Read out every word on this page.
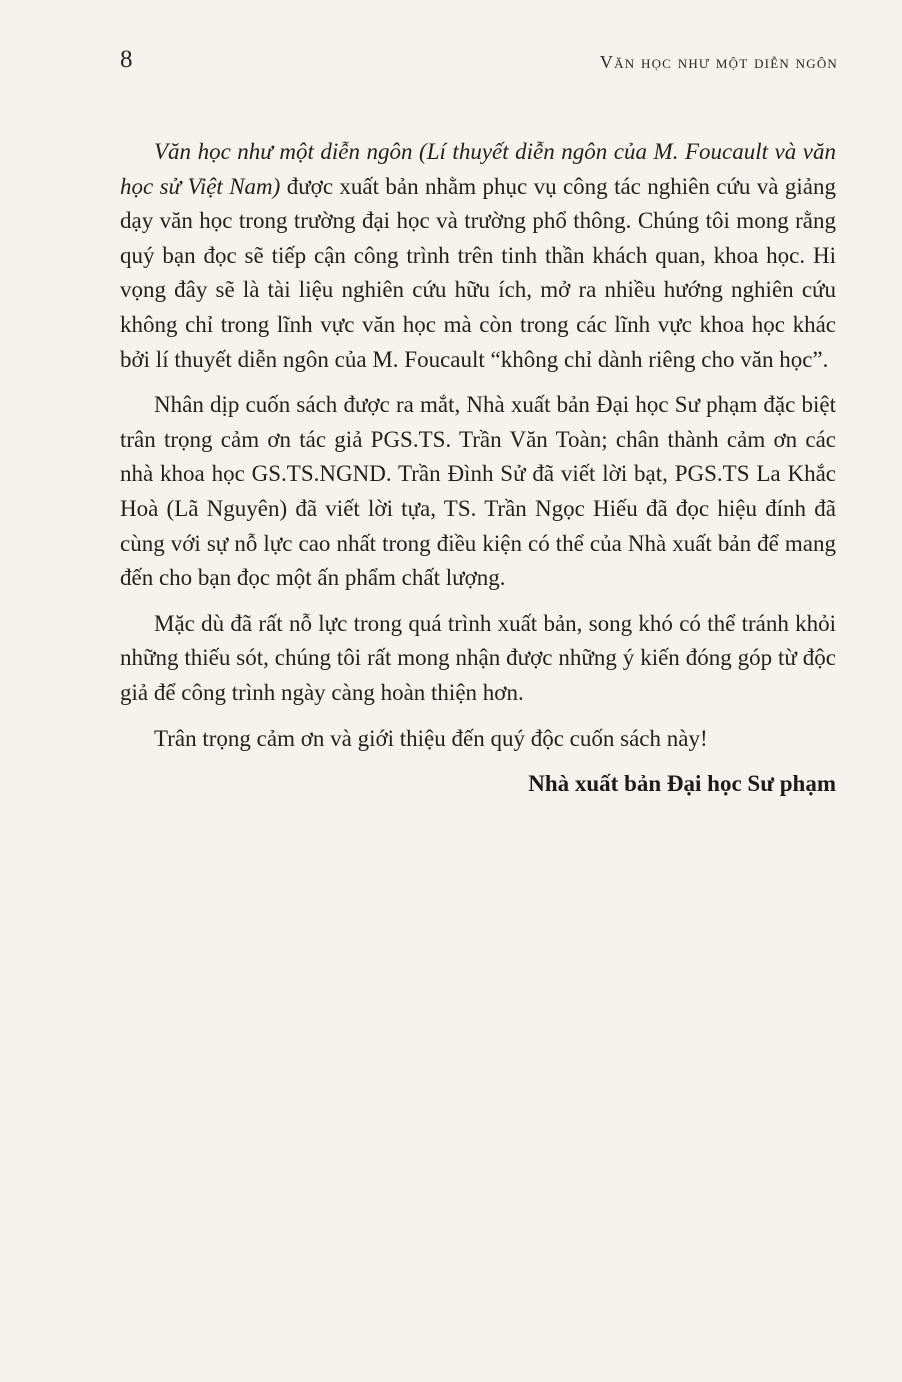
8	Văn học như một diễn ngôn

Văn học như một diễn ngôn (Lí thuyết diễn ngôn của M. Foucault và văn học sử Việt Nam) được xuất bản nhằm phục vụ công tác nghiên cứu và giảng dạy văn học trong trường đại học và trường phổ thông. Chúng tôi mong rằng quý bạn đọc sẽ tiếp cận công trình trên tinh thần khách quan, khoa học. Hi vọng đây sẽ là tài liệu nghiên cứu hữu ích, mở ra nhiều hướng nghiên cứu không chỉ trong lĩnh vực văn học mà còn trong các lĩnh vực khoa học khác bởi lí thuyết diễn ngôn của M. Foucault “không chỉ dành riêng cho văn học”.

Nhân dịp cuốn sách được ra mắt, Nhà xuất bản Đại học Sư phạm đặc biệt trân trọng cảm ơn tác giả PGS.TS. Trần Văn Toàn; chân thành cảm ơn các nhà khoa học GS.TS.NGND. Trần Đình Sử đã viết lời bạt, PGS.TS La Khắc Hoà (Lã Nguyên) đã viết lời tựa, TS. Trần Ngọc Hiếu đã đọc hiệu đính đã cùng với sự nỗ lực cao nhất trong điều kiện có thể của Nhà xuất bản để mang đến cho bạn đọc một ấn phẩm chất lượng.

Mặc dù đã rất nỗ lực trong quá trình xuất bản, song khó có thể tránh khỏi những thiếu sót, chúng tôi rất mong nhận được những ý kiến đóng góp từ độc giả để công trình ngày càng hoàn thiện hơn.

Trân trọng cảm ơn và giới thiệu đến quý độc cuốn sách này!

Nhà xuất bản Đại học Sư phạm
